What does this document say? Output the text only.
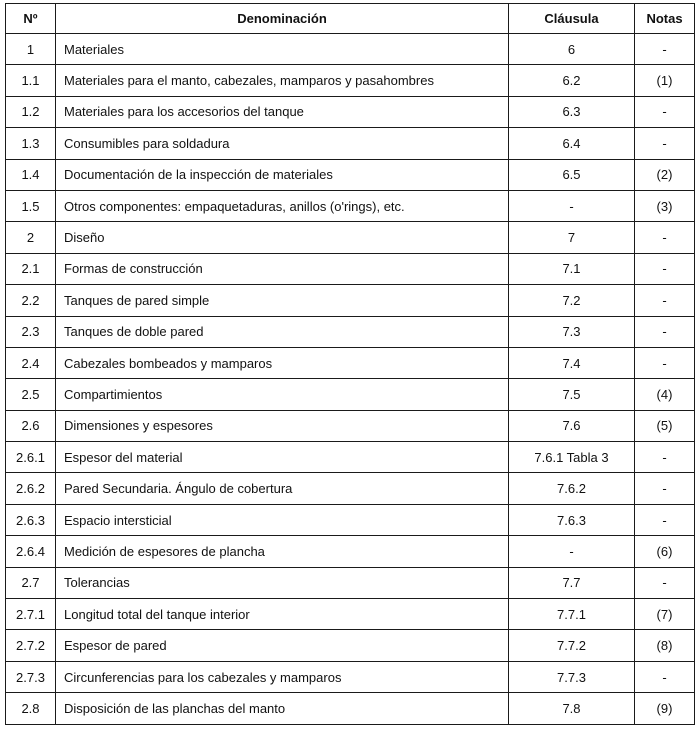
Nº	Denominación	Cláusula	Notas
1	Materiales	6	-
1.1	Materiales para el manto, cabezales, mamparos y pasahombres	6.2	(1)
1.2	Materiales para los accesorios del tanque	6.3	-
1.3	Consumibles para soldadura	6.4	-
1.4	Documentación de la inspección de materiales	6.5	(2)
1.5	Otros componentes: empaquetaduras, anillos (o'rings), etc.	-	(3)
2	Diseño	7	-
2.1	Formas de construcción	7.1	-
2.2	Tanques de pared simple	7.2	-
2.3	Tanques de doble pared	7.3	-
2.4	Cabezales bombeados y mamparos	7.4	-
2.5	Compartimientos	7.5	(4)
2.6	Dimensiones y espesores	7.6	(5)
2.6.1	Espesor del material	7.6.1 Tabla 3	-
2.6.2	Pared Secundaria. Ángulo de cobertura	7.6.2	-
2.6.3	Espacio intersticial	7.6.3	-
2.6.4	Medición de espesores de plancha	-	(6)
2.7	Tolerancias	7.7	-
2.7.1	Longitud total del tanque interior	7.7.1	(7)
2.7.2	Espesor de pared	7.7.2	(8)
2.7.3	Circunferencias para los cabezales y mamparos	7.7.3	-
2.8	Disposición de las planchas del manto	7.8	(9)
